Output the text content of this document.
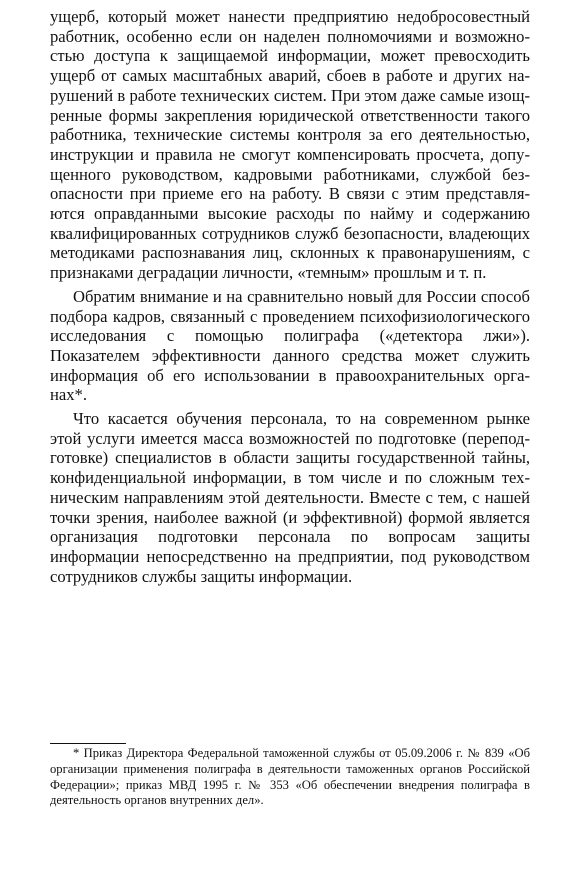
ущерб, который может нанести предприятию недобросовестный работник, особенно если он наделен полномочиями и возможностью доступа к защищаемой информации, может превосходить ущерб от самых масштабных аварий, сбоев в работе и других нарушений в работе технических систем. При этом даже самые изощренные формы закрепления юридической ответственности такого работника, технические системы контроля за его деятельностью, инструкции и правила не смогут компенсировать просчета, допущенного руководством, кадровыми работниками, службой безопасности при приеме его на работу. В связи с этим представляются оправданными высокие расходы по найму и содержанию квалифицированных сотрудников служб безопасности, владеющих методиками распознавания лиц, склонных к правонарушениям, с признаками деградации личности, «темным» прошлым и т. п.

Обратим внимание и на сравнительно новый для России способ подбора кадров, связанный с проведением психофизиологического исследования с помощью полиграфа («детектора лжи»). Показателем эффективности данного средства может служить информация об его использовании в правоохранительных органах*.

Что касается обучения персонала, то на современном рынке этой услуги имеется масса возможностей по подготовке (переподготовке) специалистов в области защиты государственной тайны, конфиденциальной информации, в том числе и по сложным техническим направлениям этой деятельности. Вместе с тем, с нашей точки зрения, наиболее важной (и эффективной) формой является организация подготовки персонала по вопросам защиты информации непосредственно на предприятии, под руководством сотрудников службы защиты информации.

* Приказ Директора Федеральной таможенной службы от 05.09.2006 г. № 839 «Об организации применения полиграфа в деятельности таможенных органов Российской Федерации»; приказ МВД 1995 г. № 353 «Об обеспечении внедрения полиграфа в деятельность органов внутренних дел».
